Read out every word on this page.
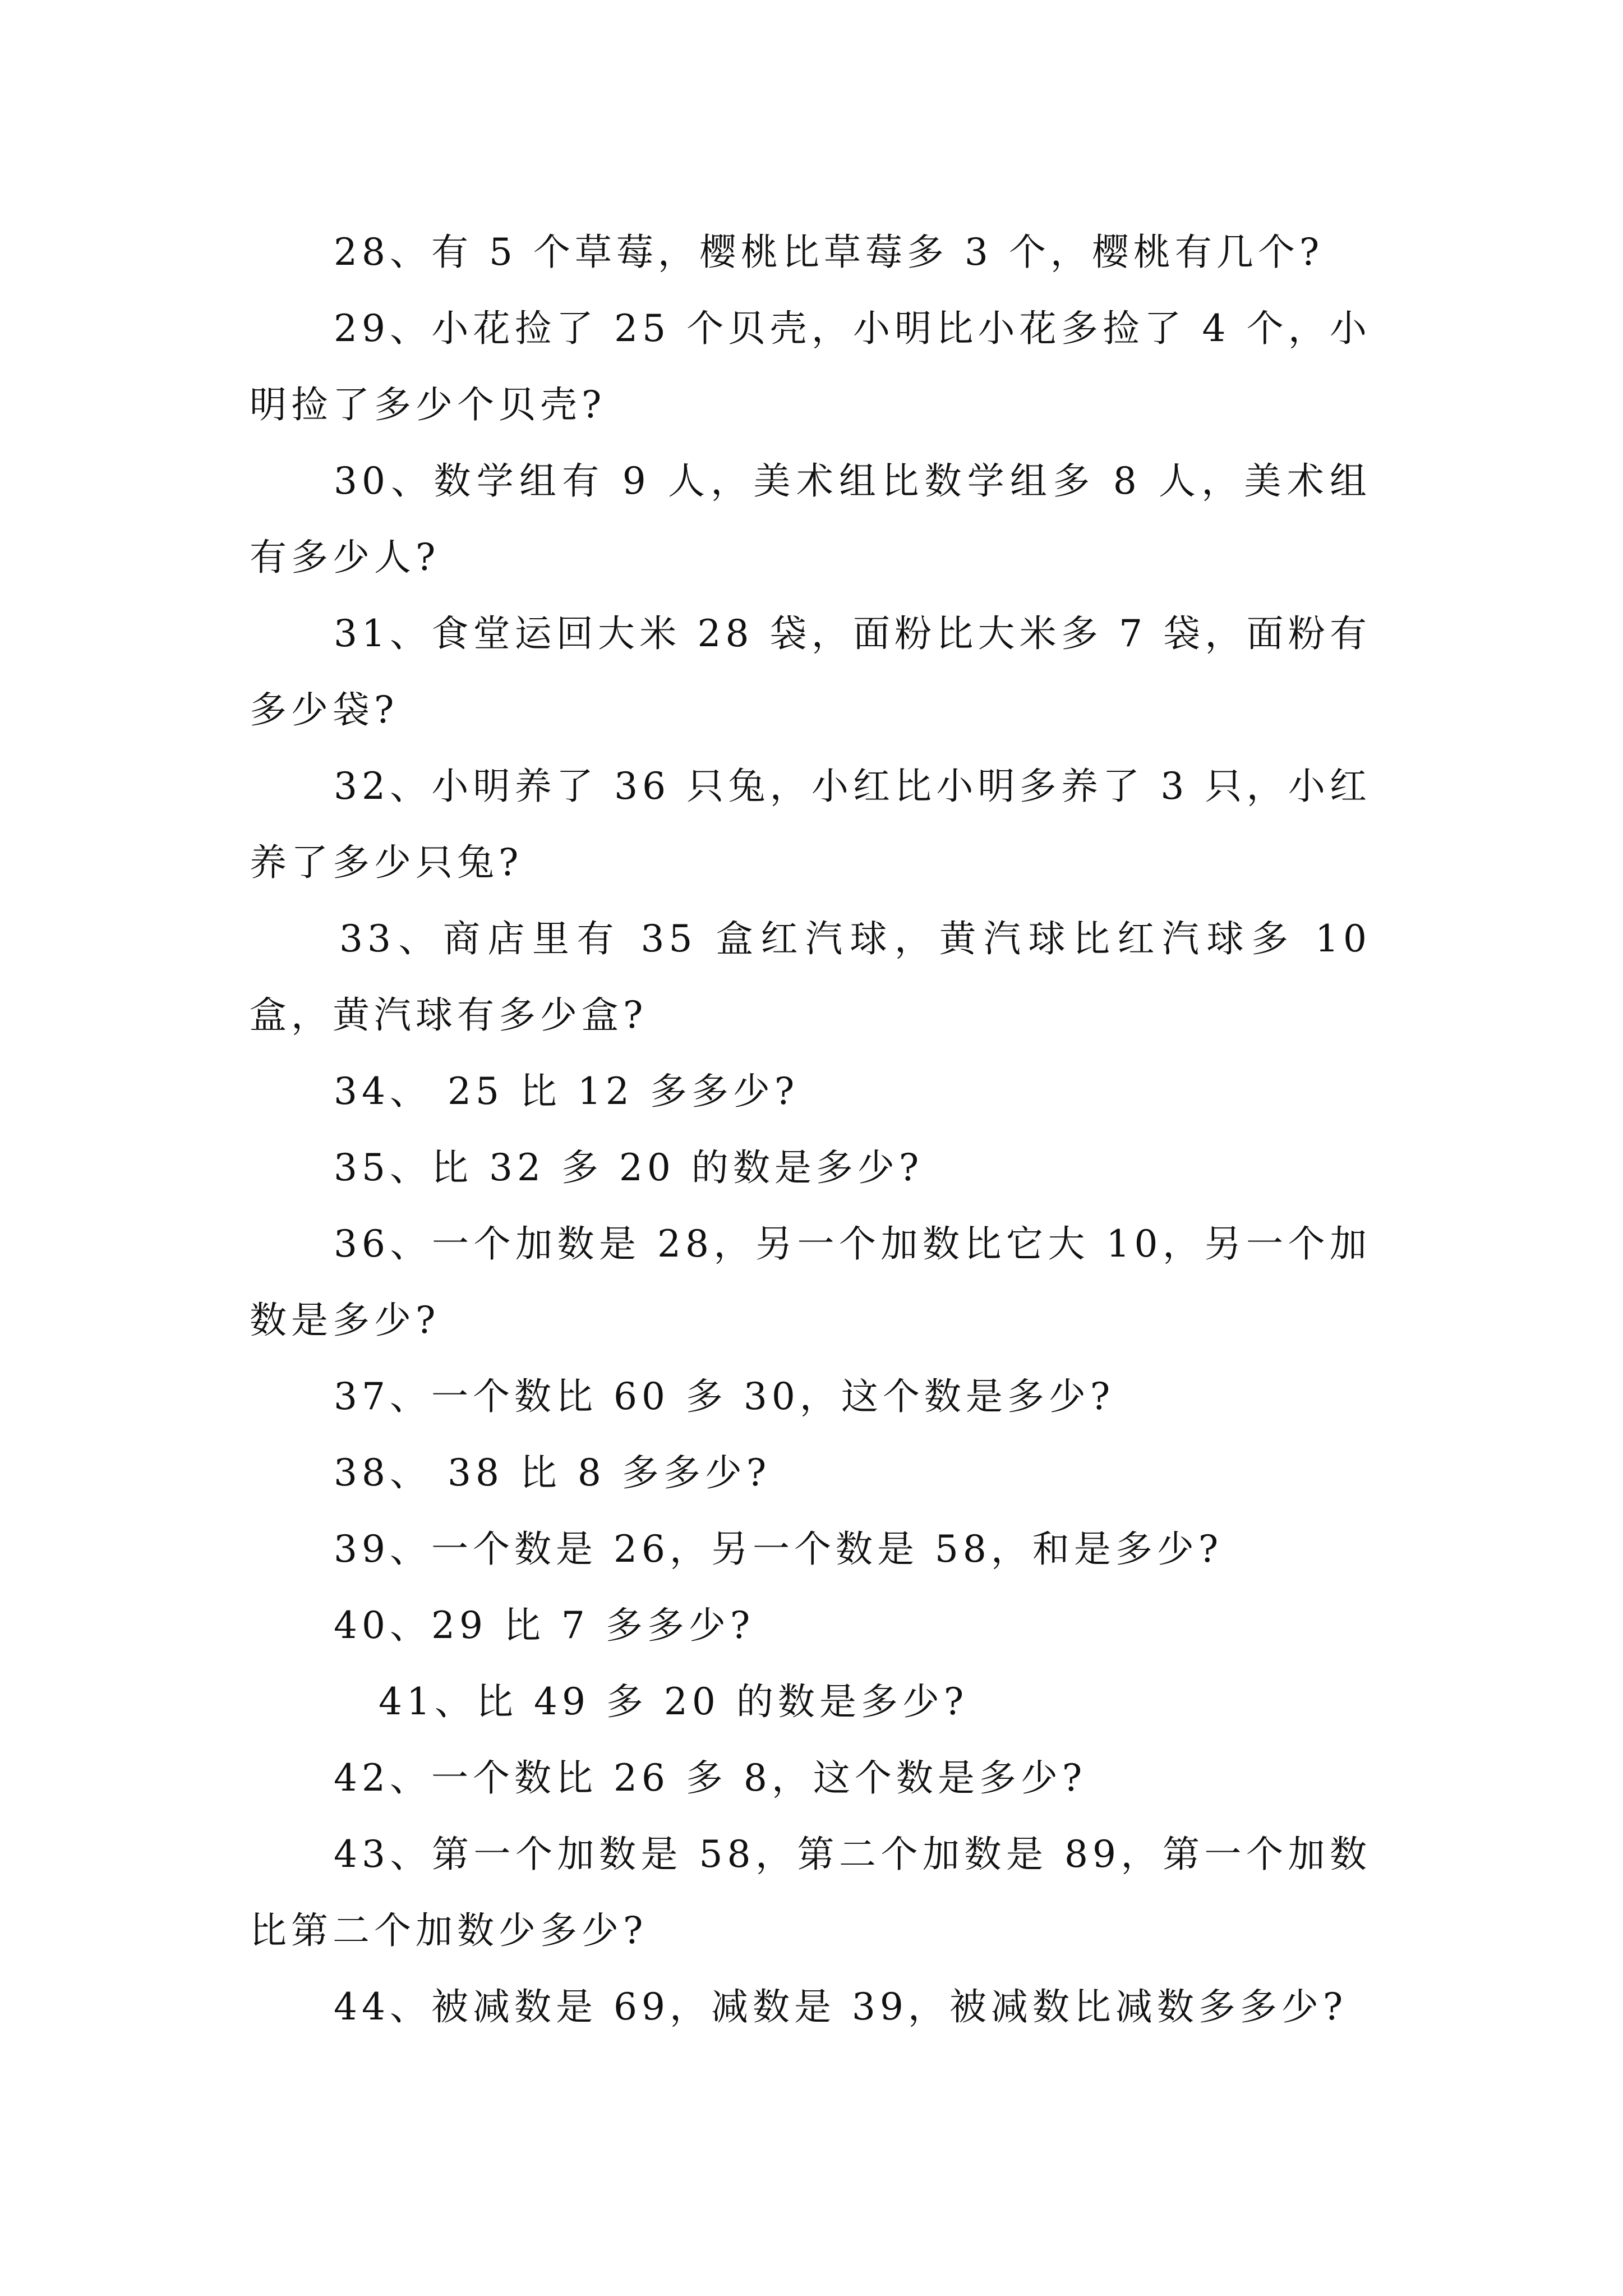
28、有 5 个草莓，樱桃比草莓多 3 个，樱桃有几个?

29、小花捡了 25 个贝壳，小明比小花多捡了 4 个，小明捡了多少个贝壳?

30、数学组有 9 人，美术组比数学组多 8 人，美术组有多少人?

31、食堂运回大米 28 袋，面粉比大米多 7 袋，面粉有多少袋?

32、小明养了 36 只兔，小红比小明多养了 3 只，小红养了多少只兔?

33、商店里有 35 盒红汽球，黄汽球比红汽球多 10 盒，黄汽球有多少盒?

34、 25 比 12 多多少?

35、比 32 多 20 的数是多少?

36、一个加数是 28，另一个加数比它大 10，另一个加数是多少?

37、一个数比 60 多 30，这个数是多少?

38、 38 比 8 多多少?

39、一个数是 26，另一个数是 58，和是多少?

40、29 比 7 多多少?

41、比 49 多 20 的数是多少?

42、一个数比 26 多 8，这个数是多少?

43、第一个加数是 58，第二个加数是 89，第一个加数比第二个加数少多少?

44、被减数是 69，减数是 39，被减数比减数多多少?
